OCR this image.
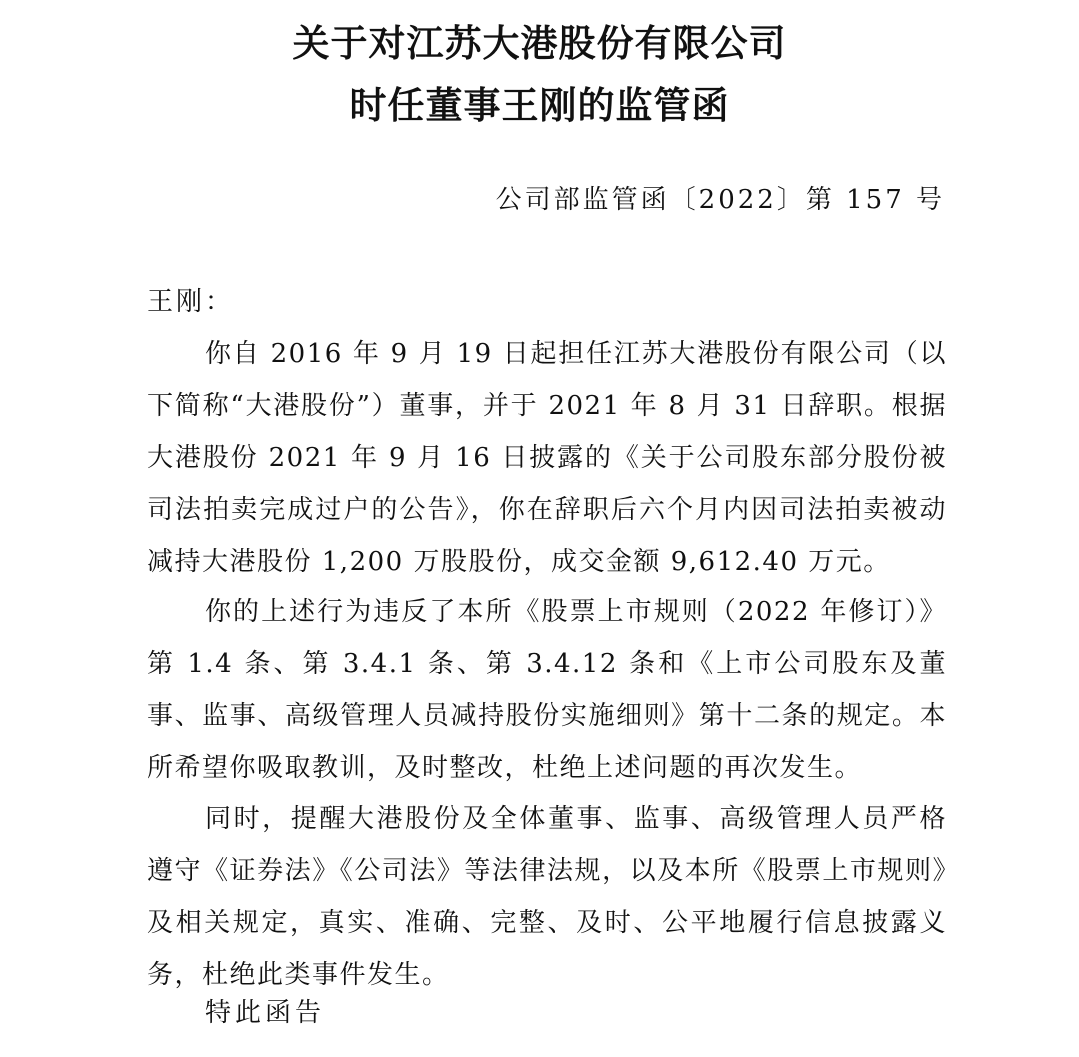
关于对江苏大港股份有限公司
时任董事王刚的监管函
公司部监管函〔2022〕第 157 号
王刚：

你自 2016 年 9 月 19 日起担任江苏大港股份有限公司（以下简称“大港股份”）董事，并于 2021 年 8 月 31 日辞职。根据大港股份 2021 年 9 月 16 日披露的《关于公司股东部分股份被司法拍卖完成过户的公告》，你在辞职后六个月内因司法拍卖被动减持大港股份 1,200 万股股份，成交金额 9,612.40 万元。

你的上述行为违反了本所《股票上市规则（2022 年修订）》第 1.4 条、第 3.4.1 条、第 3.4.12 条和《上市公司股东及董事、监事、高级管理人员减持股份实施细则》第十二条的规定。本所希望你吸取教训，及时整改，杜绝上述问题的再次发生。

同时，提醒大港股份及全体董事、监事、高级管理人员严格遵守《证券法》《公司法》等法律法规，以及本所《股票上市规则》及相关规定，真实、准确、完整、及时、公平地履行信息披露义务，杜绝此类事件发生。

特此函告
